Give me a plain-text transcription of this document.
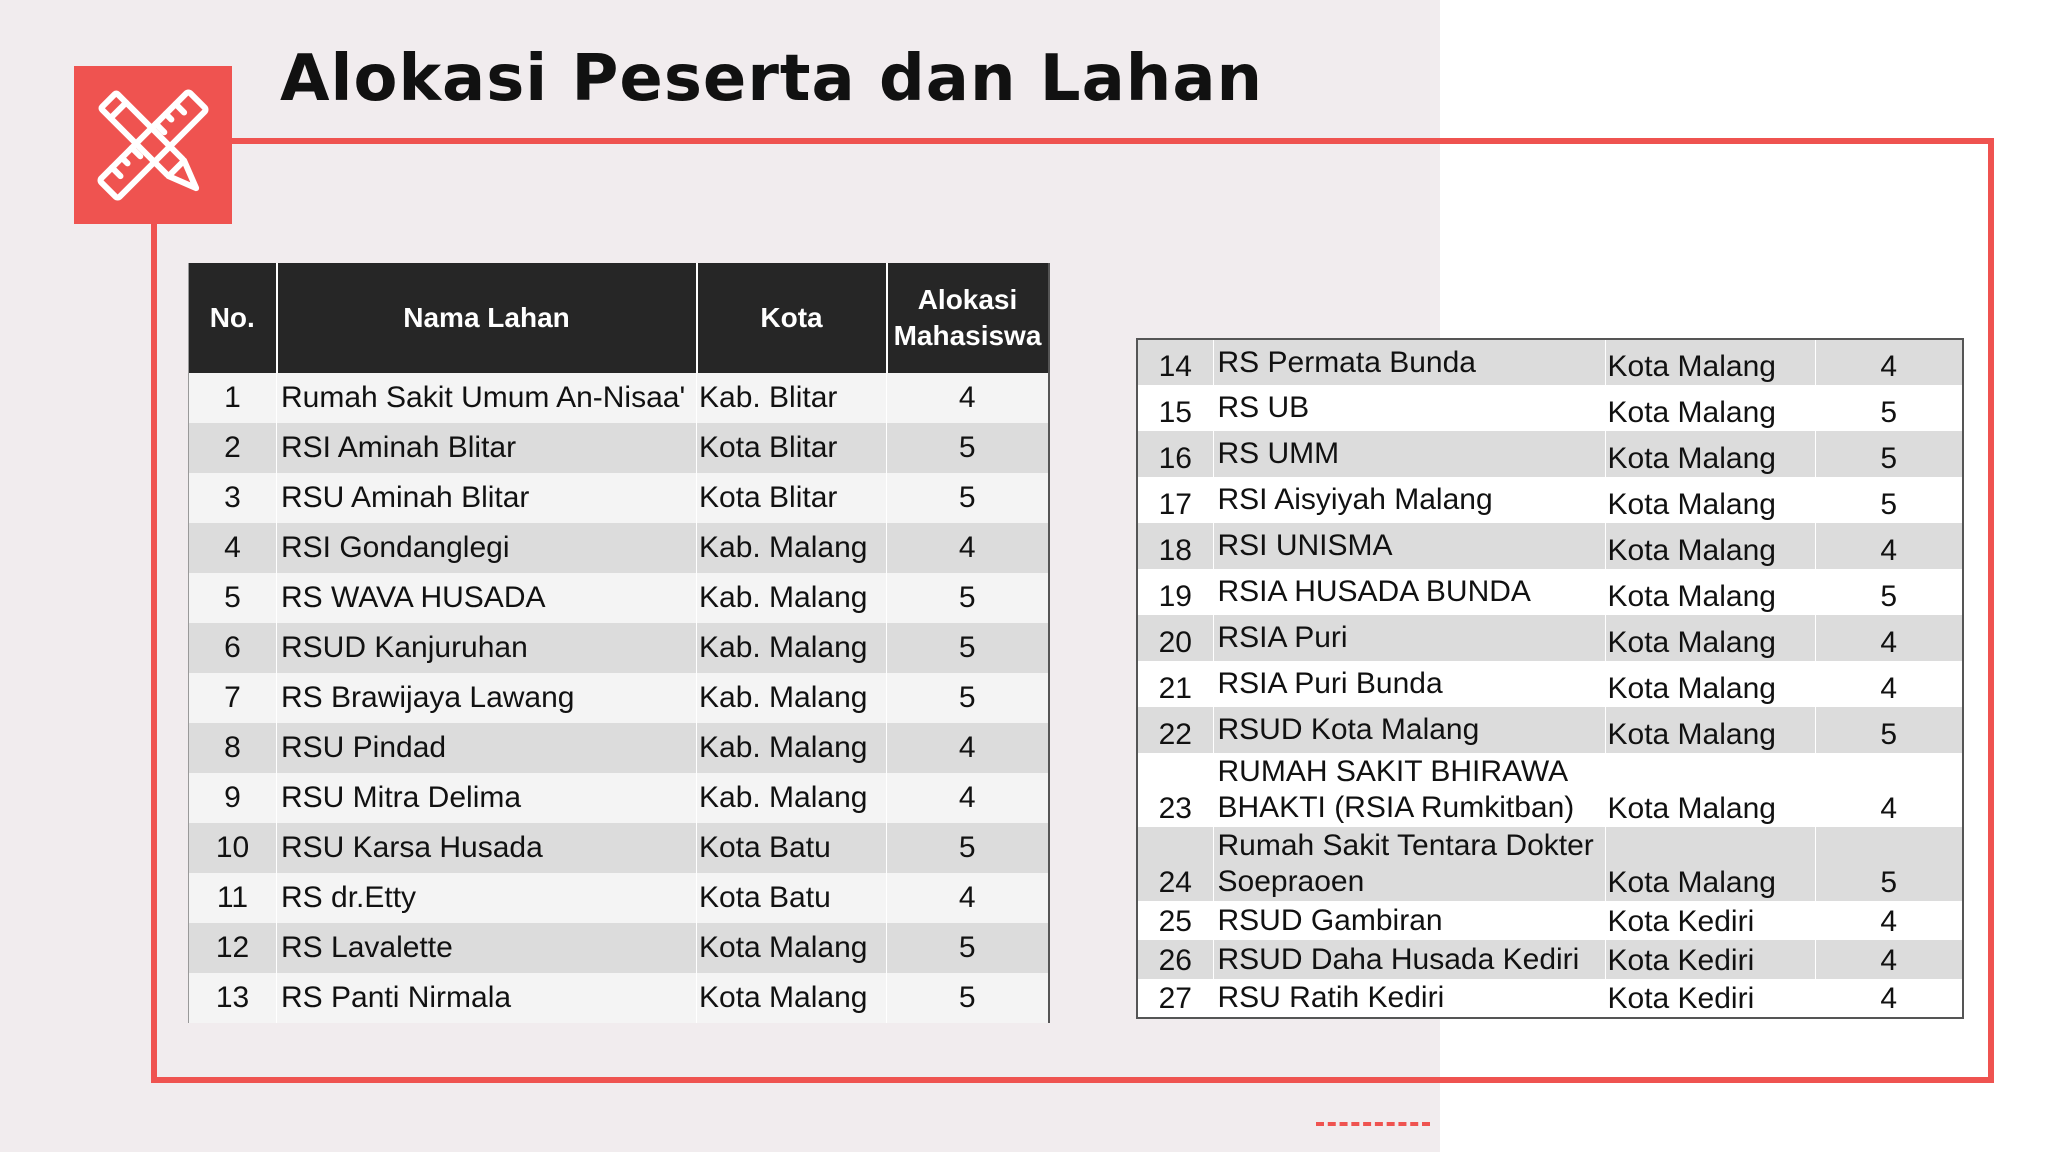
Alokasi Peserta dan Lahan
No.	Nama Lahan	Kota	Alokasi Mahasiswa
1	Rumah Sakit Umum An-Nisaa'	Kab. Blitar	4
2	RSI Aminah Blitar	Kota Blitar	5
3	RSU Aminah Blitar	Kota Blitar	5
4	RSI Gondanglegi	Kab. Malang	4
5	RS WAVA HUSADA	Kab. Malang	5
6	RSUD Kanjuruhan	Kab. Malang	5
7	RS Brawijaya Lawang	Kab. Malang	5
8	RSU Pindad	Kab. Malang	4
9	RSU Mitra Delima	Kab. Malang	4
10	RSU Karsa Husada	Kota Batu	5
11	RS dr.Etty	Kota Batu	4
12	RS Lavalette	Kota Malang	5
13	RS Panti Nirmala	Kota Malang	5
14	RS Permata Bunda	Kota Malang	4
15	RS UB	Kota Malang	5
16	RS UMM	Kota Malang	5
17	RSI Aisyiyah Malang	Kota Malang	5
18	RSI UNISMA	Kota Malang	4
19	RSIA HUSADA BUNDA	Kota Malang	5
20	RSIA Puri	Kota Malang	4
21	RSIA Puri Bunda	Kota Malang	4
22	RSUD Kota Malang	Kota Malang	5
23	RUMAH SAKIT BHIRAWA BHAKTI (RSIA Rumkitban)	Kota Malang	4
24	Rumah Sakit Tentara Dokter Soepraoen	Kota Malang	5
25	RSUD Gambiran	Kota Kediri	4
26	RSUD Daha Husada Kediri	Kota Kediri	4
27	RSU Ratih Kediri	Kota Kediri	4
